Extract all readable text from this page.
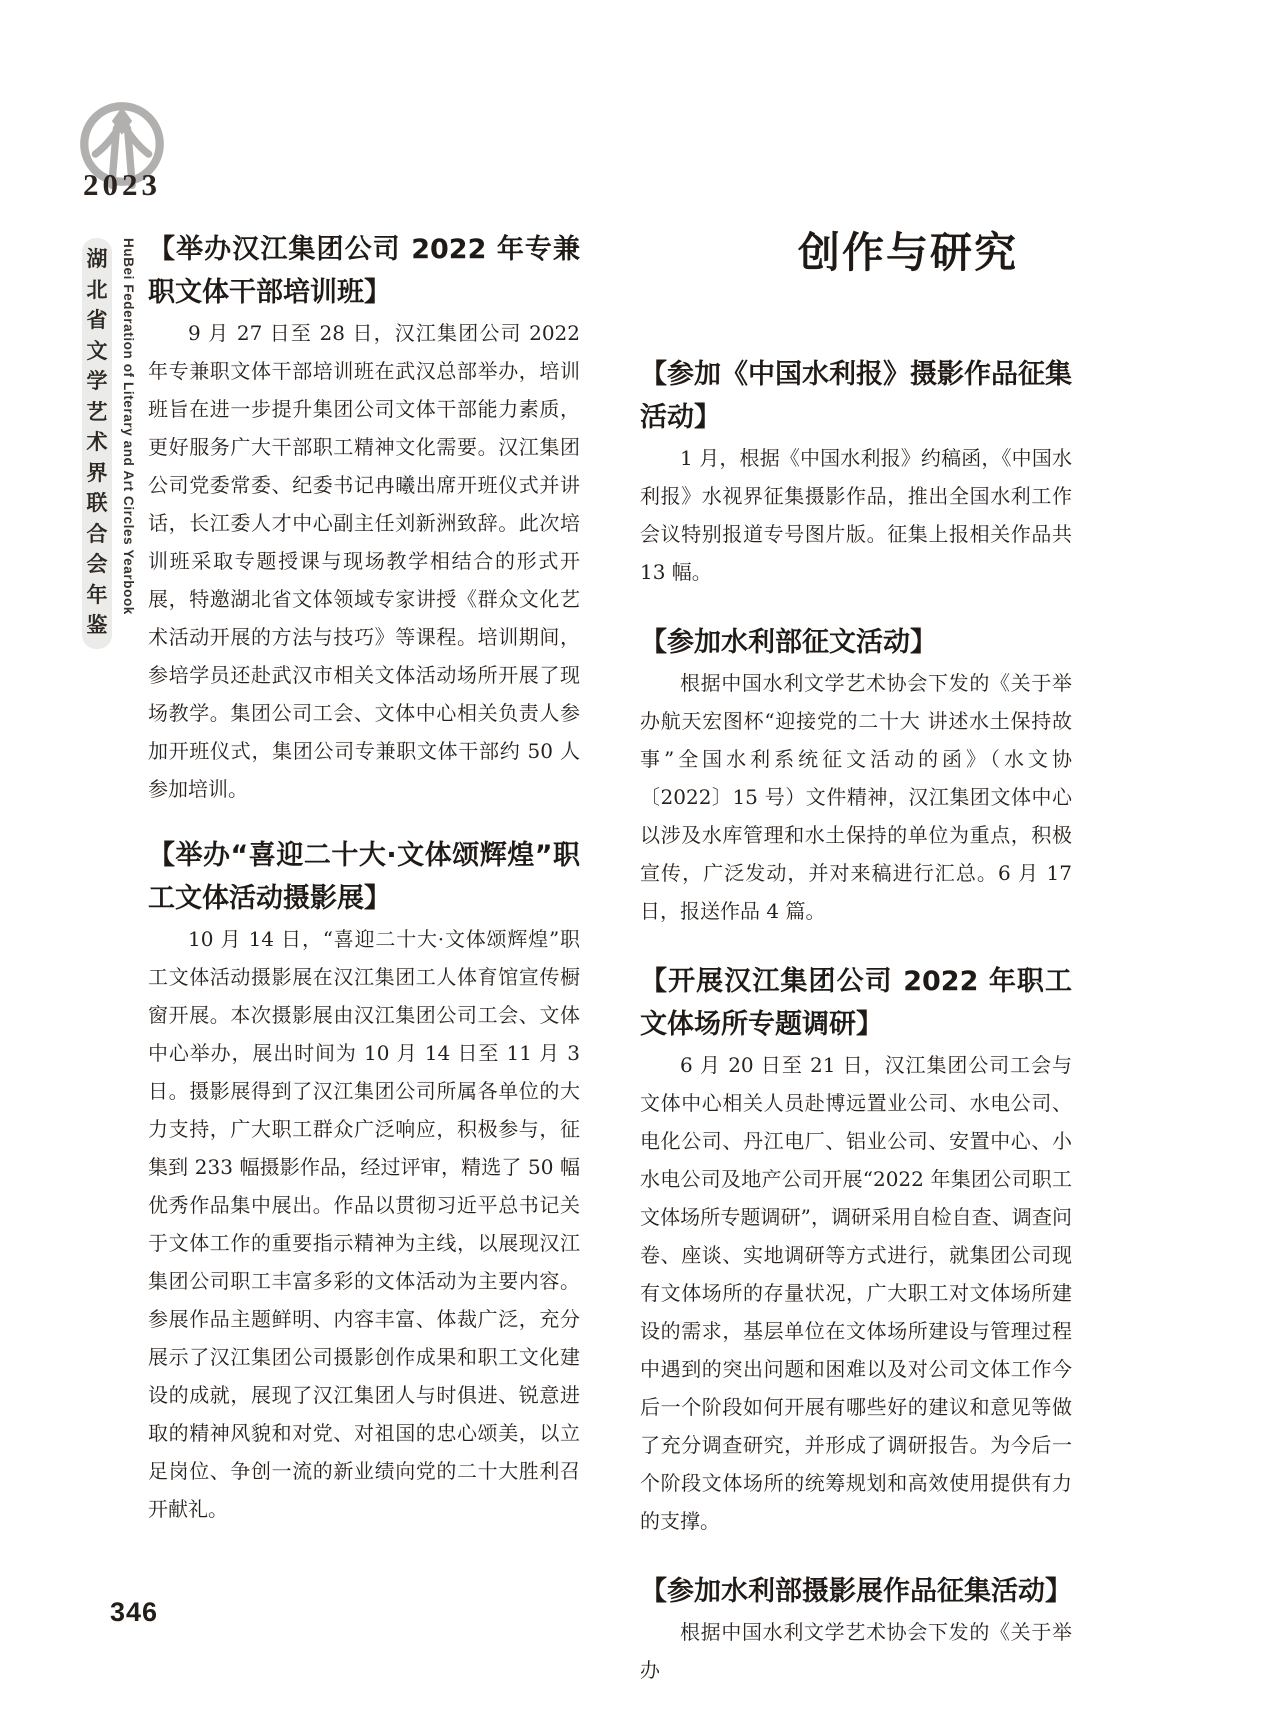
2023
湖
北
省
文
学
艺
术
界
联
合
会
年
鉴
HuBei Federation of Literary and Art Circles Yearbook 【举办汉江集团公司 2022 年专兼职文体干部培训班】

9 月 27 日至 28 日，汉江集团公司 2022 年专兼职文体干部培训班在武汉总部举办，培训班旨在进一步提升集团公司文体干部能力素质，更好服务广大干部职工精神文化需要。汉江集团公司党委常委、纪委书记冉曦出席开班仪式并讲话，长江委人才中心副主任刘新洲致辞。此次培训班采取专题授课与现场教学相结合的形式开展，特邀湖北省文体领域专家讲授《群众文化艺术活动开展的方法与技巧》等课程。培训期间，参培学员还赴武汉市相关文体活动场所开展了现场教学。集团公司工会、文体中心相关负责人参加开班仪式，集团公司专兼职文体干部约 50 人参加培训。

【举办“喜迎二十大·文体颂辉煌”职工文体活动摄影展】

10 月 14 日，“喜迎二十大·文体颂辉煌”职工文体活动摄影展在汉江集团工人体育馆宣传橱窗开展。本次摄影展由汉江集团公司工会、文体中心举办，展出时间为 10 月 14 日至 11 月 3 日。摄影展得到了汉江集团公司所属各单位的大力支持，广大职工群众广泛响应，积极参与，征集到 233 幅摄影作品，经过评审，精选了 50 幅优秀作品集中展出。作品以贯彻习近平总书记关于文体工作的重要指示精神为主线，以展现汉江集团公司职工丰富多彩的文体活动为主要内容。参展作品主题鲜明、内容丰富、体裁广泛，充分展示了汉江集团公司摄影创作成果和职工文化建设的成就，展现了汉江集团人与时俱进、锐意进取的精神风貌和对党、对祖国的忠心颂美，以立足岗位、争创一流的新业绩向党的二十大胜利召开献礼。

创作与研究
【参加《中国水利报》摄影作品征集活动】

1 月，根据《中国水利报》约稿函，《中国水利报》水视界征集摄影作品，推出全国水利工作会议特别报道专号图片版。征集上报相关作品共 13 幅。

【参加水利部征文活动】

根据中国水利文学艺术协会下发的《关于举办航天宏图杯“迎接党的二十大 讲述水土保持故事”全国水利系统征文活动的函》（水文协〔2022〕15 号）文件精神，汉江集团文体中心以涉及水库管理和水土保持的单位为重点，积极宣传，广泛发动，并对来稿进行汇总。6 月 17 日，报送作品 4 篇。

【开展汉江集团公司 2022 年职工文体场所专题调研】

6 月 20 日至 21 日，汉江集团公司工会与文体中心相关人员赴博远置业公司、水电公司、电化公司、丹江电厂、铝业公司、安置中心、小水电公司及地产公司开展“2022 年集团公司职工文体场所专题调研”，调研采用自检自查、调查问卷、座谈、实地调研等方式进行，就集团公司现有文体场所的存量状况，广大职工对文体场所建设的需求，基层单位在文体场所建设与管理过程中遇到的突出问题和困难以及对公司文体工作今后一个阶段如何开展有哪些好的建议和意见等做了充分调查研究，并形成了调研报告。为今后一个阶段文体场所的统筹规划和高效使用提供有力的支撑。

【参加水利部摄影展作品征集活动】

根据中国水利文学艺术协会下发的《关于举办

346
